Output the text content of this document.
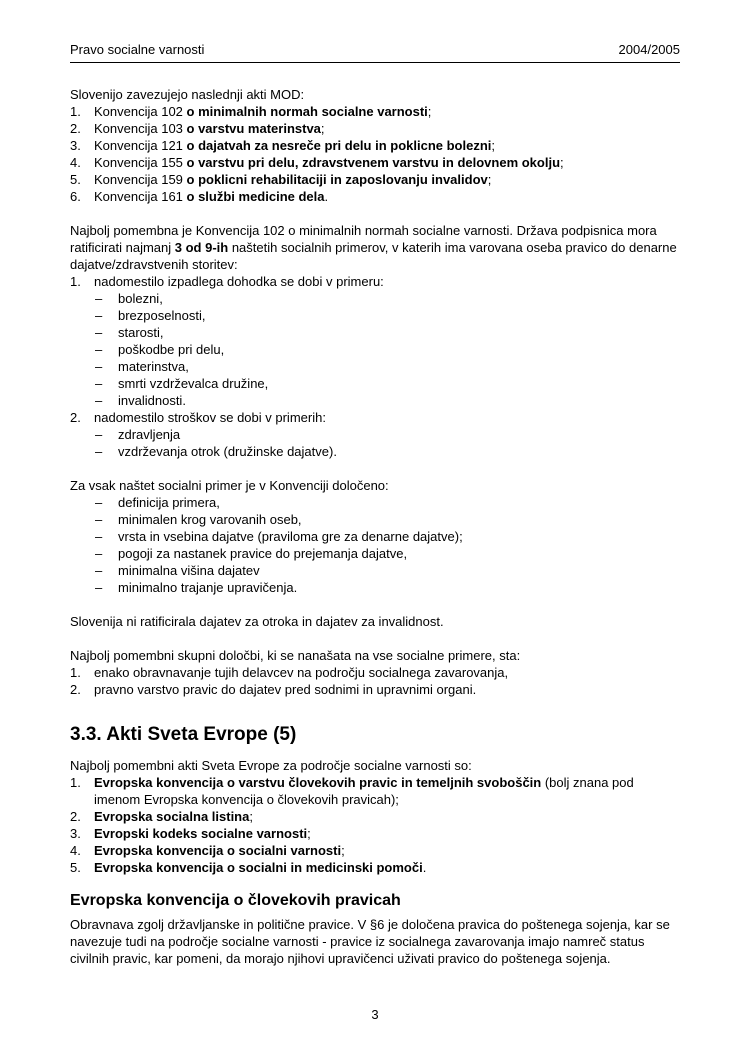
Pravo socialne varnosti	2004/2005

Slovenijo zavezujejo naslednji akti MOD:

1.	Konvencija 102 o minimalnih normah socialne varnosti;
2.	Konvencija 103 o varstvu materinstva;
3.	Konvencija 121 o dajatvah za nesreče pri delu in poklicne bolezni;
4.	Konvencija 155 o varstvu pri delu, zdravstvenem varstvu in delovnem okolju;
5.	Konvencija 159 o poklicni rehabilitaciji in zaposlovanju invalidov;
6.	Konvencija 161 o službi medicine dela.

Najbolj pomembna je Konvencija 102 o minimalnih normah socialne varnosti. Država podpisnica mora ratificirati najmanj 3 od 9-ih naštetih socialnih primerov, v katerih ima varovana oseba pravico do denarne dajatve/zdravstvenih storitev:

1.	nadomestilo izpadlega dohodka se dobi v primeru:
–	bolezni,
–	brezposelnosti,
–	starosti,
–	poškodbe pri delu,
–	materinstva,
–	smrti vzdrževalca družine,
–	invalidnosti.
2.	nadomestilo stroškov se dobi v primerih:
–	zdravljenja
–	vzdrževanja otrok (družinske dajatve).

Za vsak naštet socialni primer je v Konvenciji določeno:

–	definicija primera,
–	minimalen krog varovanih oseb,
–	vrsta in vsebina dajatve (praviloma gre za denarne dajatve);
–	pogoji za nastanek pravice do prejemanja dajatve,
–	minimalna višina dajatev
–	minimalno trajanje upravičenja.

Slovenija ni ratificirala dajatev za otroka in dajatev za invalidnost.

Najbolj pomembni skupni določbi, ki se nanašata na vse socialne primere, sta:

1.	enako obravnavanje tujih delavcev na področju socialnega zavarovanja,
2.	pravno varstvo pravic do dajatev pred sodnimi in upravnimi organi.
3.3. Akti Sveta Evrope (5)

Najbolj pomembni akti Sveta Evrope za področje socialne varnosti so:

1.	Evropska konvencija o varstvu človekovih pravic in temeljnih svoboščin (bolj znana pod imenom Evropska konvencija o človekovih pravicah);
2.	Evropska socialna listina;
3.	Evropski kodeks socialne varnosti;
4.	Evropska konvencija o socialni varnosti;
5.	Evropska konvencija o socialni in medicinski pomoči.
Evropska konvencija o človekovih pravicah

Obravnava zgolj državljanske in politične pravice. V §6 je določena pravica do poštenega sojenja, kar se navezuje tudi na področje socialne varnosti - pravice iz socialnega zavarovanja imajo namreč status civilnih pravic, kar pomeni, da morajo njihovi upravičenci uživati pravico do poštenega sojenja.

3
